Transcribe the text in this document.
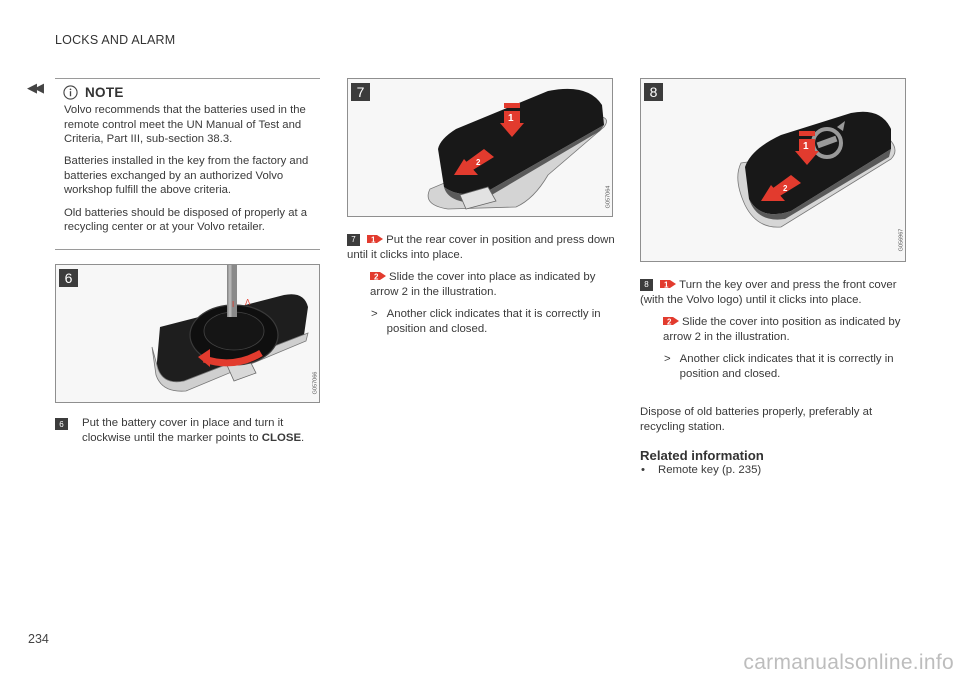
LOCKS AND ALARM
◀◀	NOTE

Volvo recommends that the batteries used in the remote control meet the UN Manual of Test and Criteria, Part III, sub-section 38.3.

Batteries installed in the key from the factory and batteries exchanged by an authorized Volvo workshop fulfill the above criteria.

Old batteries should be disposed of properly at a recycling center or at your Volvo retailer.

I Λ
6
G057066
6	Put the battery cover in place and turn it clockwise until the marker points to CLOSE.
1
2
7
G057064
7 1 Put the rear cover in position and press down until it clicks into place.
2 Slide the cover into place as indicated by arrow 2 in the illustration.
> Another click indicates that it is correctly in position and closed.
1
2
8
G056967
8 1 Turn the key over and press the front cover (with the Volvo logo) until it clicks into place.
2 Slide the cover into position as indicated by arrow 2 in the illustration.
> Another click indicates that it is correctly in position and closed.

Dispose of old batteries properly, preferably at recycling station.

Related information
• Remote key (p. 235)
234
carmanualsonline.info
